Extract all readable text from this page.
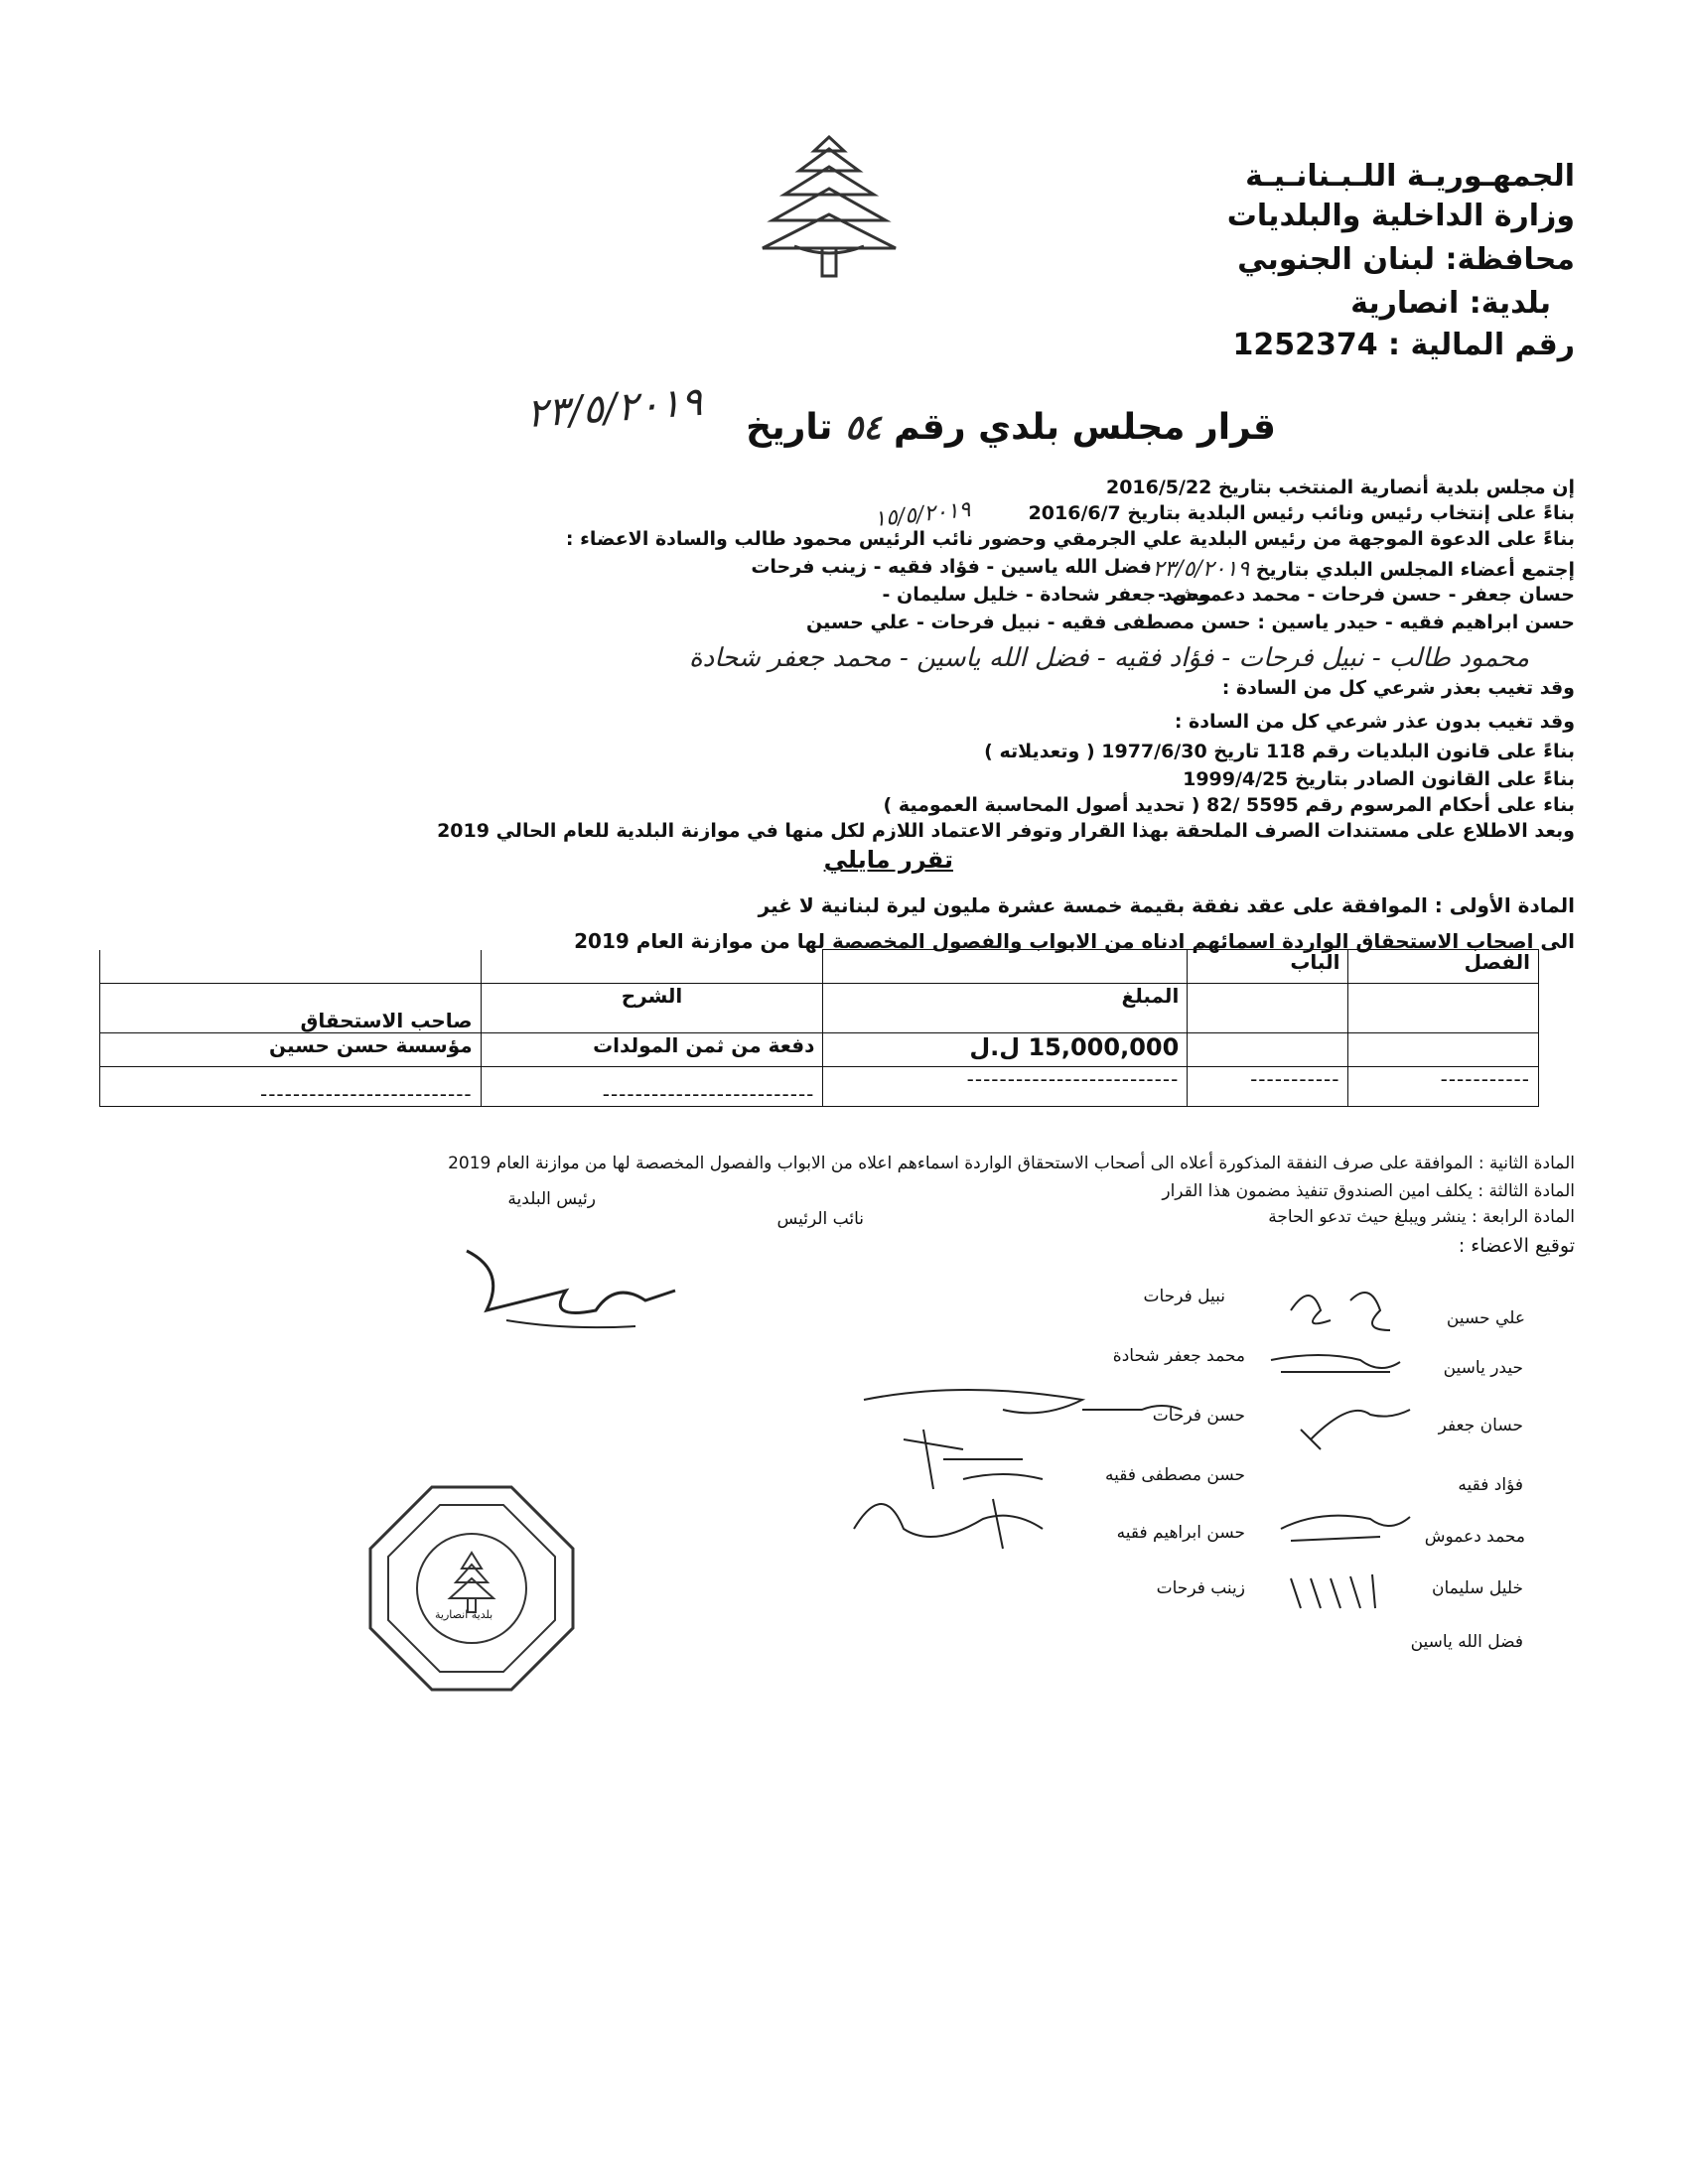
الجمهـوريـة اللـبـنانـيـة
وزارة الداخلية والبلديات
محافظة: لبنان الجنوبي
بلدية: انصارية
رقم المالية : 1252374
قرار مجلس بلدي رقم ٥٤ تاريخ
٢٣/٥/٢٠١٩
إن مجلس بلدية أنصارية المنتخب بتاريخ 2016/5/22
بناءً على إنتخاب رئيس ونائب رئيس البلدية بتاريخ 2016/6/7
بناءً على الدعوة الموجهة من رئيس البلدية علي الجرمقي وحضور نائب الرئيس محمود طالب والسادة الاعضاء :
١٥/٥/٢٠١٩
إجتمع أعضاء المجلس البلدي بتاريخ ٢٣/٥/٢٠١٩
فضل الله ياسين - فؤاد فقيه - زينب فرحات
حسان جعفر - حسن فرحات - محمد دعموش -
محمد جعفر شحادة - خليل سليمان -
حسن ابراهيم فقيه - حيدر ياسين : حسن مصطفى فقيه - نبيل فرحات - علي حسين
محمود طالب - نبيل فرحات - فؤاد فقيه - فضل الله ياسين - محمد جعفر شحادة
وقد تغيب بعذر شرعي كل من السادة :
وقد تغيب بدون عذر شرعي كل من السادة :
بناءً على قانون البلديات رقم 118 تاريخ 1977/6/30 ( وتعديلاته )
بناءً على القانون الصادر بتاريخ 1999/4/25
بناء على أحكام المرسوم رقم 5595 /82 ( تحديد أصول المحاسبة العمومية )
وبعد الاطلاع على مستندات الصرف الملحقة بهذا القرار وتوفر الاعتماد اللازم لكل منها في موازنة البلدية للعام الحالي 2019
تقرر مايلي
المادة الأولى : الموافقة على عقد نفقة بقيمة خمسة عشرة مليون ليرة لبنانية لا غير
الى اصحاب الاستحقاق الواردة اسمائهم ادناه من الابواب والفصول المخصصة لها من موازنة العام 2019
			الباب	الفصل
صاحب الاستحقاق	الشرح	المبلغ		
مؤسسة حسن حسين	دفعة من ثمن المولدات	15,000,000 ل.ل		
--------------------------	--------------------------	--------------------------	-----------	-----------
المادة الثانية : الموافقة على صرف النفقة المذكورة أعلاه الى أصحاب الاستحقاق الواردة اسماءهم اعلاه من الابواب والفصول المخصصة لها من موازنة العام 2019
المادة الثالثة : يكلف امين الصندوق تنفيذ مضمون هذا القرار
المادة الرابعة : ينشر ويبلغ حيث تدعو الحاجة
توقيع الاعضاء :
رئيس البلدية
نائب الرئيس
علي حسين
حيدر ياسين
حسان جعفر
فؤاد فقيه
محمد دعموش
خليل سليمان
فضل الله ياسين
نبيل فرحات
محمد جعفر شحادة
حسن فرحات
حسن مصطفى فقيه
حسن ابراهيم فقيه
زينب فرحات
بلدية انصارية
